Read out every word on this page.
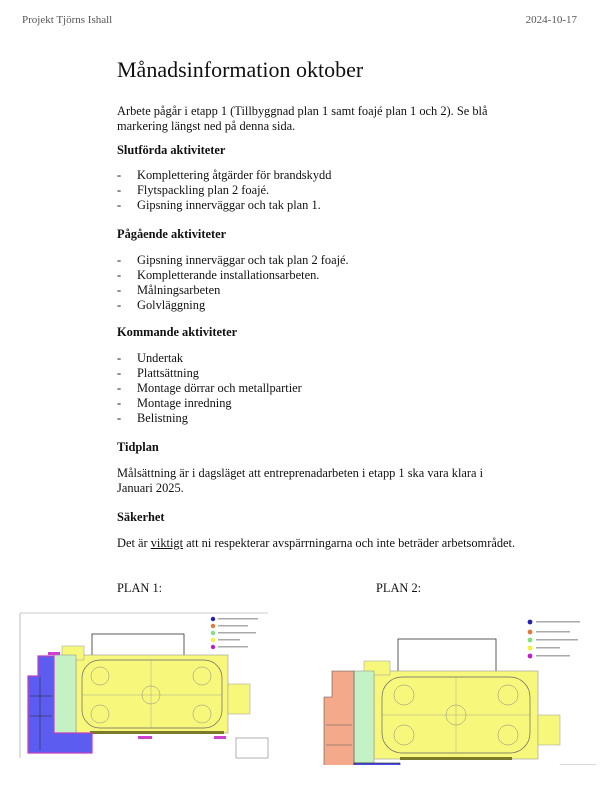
Projekt Tjörns Ishall	2024-10-17
Månadsinformation oktober

Arbete pågår i etapp 1 (Tillbyggnad plan 1 samt foajé plan 1 och 2). Se blå markering längst ned på denna sida.

Slutförda aktiviteter
- Komplettering åtgärder för brandskydd
- Flytspackling plan 2 foajé.
- Gipsning innerväggar och tak plan 1.
Pågående aktiviteter
- Gipsning innerväggar och tak plan 2 foajé.
- Kompletterande installationsarbeten.
- Målningsarbeten
- Golvläggning
Kommande aktiviteter
- Undertak
- Plattsättning
- Montage dörrar och metallpartier
- Montage inredning
- Belistning
Tidplan

Målsättning är i dagsläget att entreprenadarbeten i etapp 1 ska vara klara i Januari 2025.

Säkerhet

Det är viktigt att ni respekterar avspärrningarna och inte beträder arbetsområdet.

PLAN 1:	PLAN 2:
